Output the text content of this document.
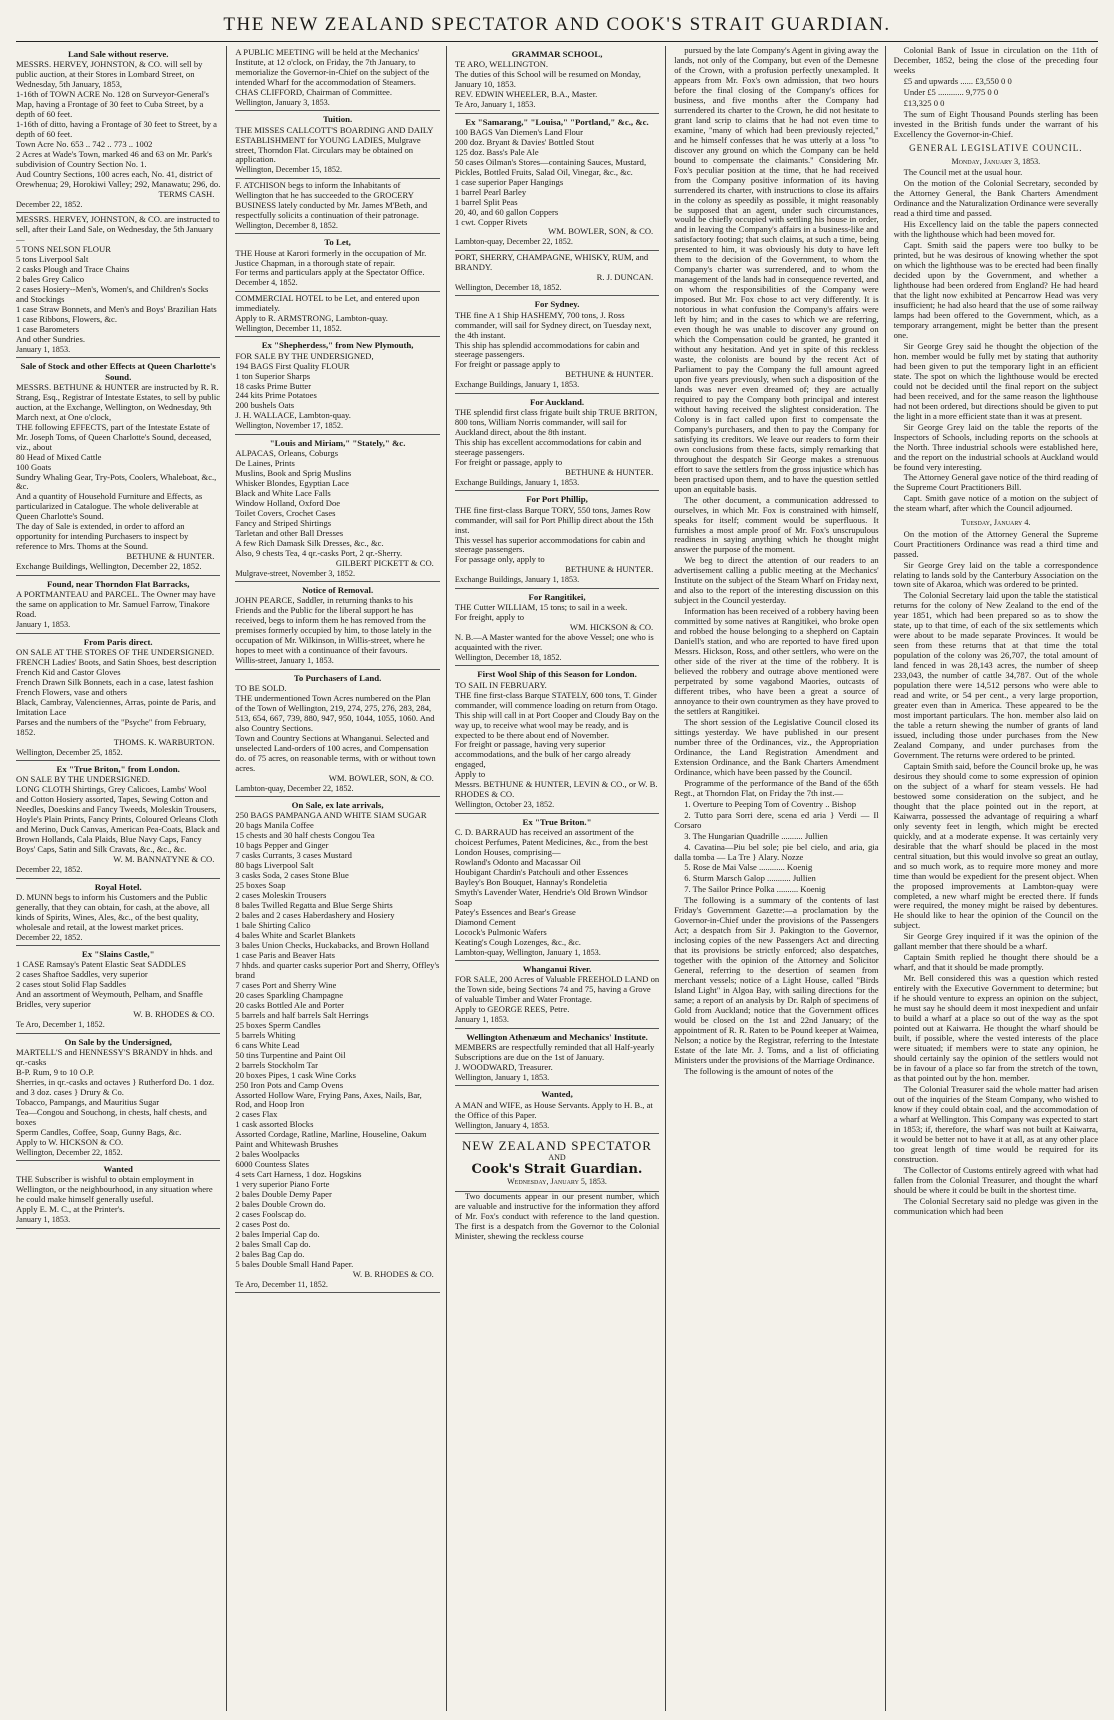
THE NEW ZEALAND SPECTATOR AND COOK'S STRAIT GUARDIAN.
Land Sale without reserve.

MESSRS. HERVEY, JOHNSTON, & CO. will sell by public auction, at their Stores in Lombard Street, on Wednesday, 5th January, 1853,

1-16th of TOWN ACRE No. 128 on Surveyor-General's Map, having a Frontage of 30 feet to Cuba Street, by a depth of 60 feet.

1-16th of ditto, having a Frontage of 30 feet to Street, by a depth of 60 feet.

Town Acre No. 653 .. 742 .. 773 .. 1002

2 Acres at Wade's Town, marked 46 and 63 on Mr. Park's subdivision of Country Section No. 1.

Aud Country Sections, 100 acres each, No. 41, district of Orewhenua; 29, Horokiwi Valley; 292, Manawatu; 296, do.

TERMS CASH.

December 22, 1852.

MESSRS. HERVEY, JOHNSTON, & CO. are instructed to sell, after their Land Sale, on Wednesday, the 5th January—

5 TONS NELSON FLOUR

5 tons Liverpool Salt

2 casks Plough and Trace Chains

2 bales Grey Calico

2 cases Hosiery--Men's, Women's, and Children's Socks and Stockings

1 case Straw Bonnets, and Men's and Boys' Brazilian Hats

1 case Ribbons, Flowers, &c.

1 case Barometers

And other Sundries.

January 1, 1853.

Sale of Stock and other Effects at Queen Charlotte's Sound.

MESSRS. BETHUNE & HUNTER are instructed by R. R. Strang, Esq., Registrar of Intestate Estates, to sell by public auction, at the Exchange, Wellington, on Wednesday, 9th March next, at One o'clock,

THE following EFFECTS, part of the Intestate Estate of Mr. Joseph Toms, of Queen Charlotte's Sound, deceased, viz., about

80 Head of Mixed Cattle

100 Goats

Sundry Whaling Gear, Try-Pots, Coolers, Whaleboat, &c., &c.

And a quantity of Household Furniture and Effects, as particularized in Catalogue. The whole deliverable at Queen Charlotte's Sound.

The day of Sale is extended, in order to afford an opportunity for intending Purchasers to inspect by reference to Mrs. Thoms at the Sound.

BETHUNE & HUNTER.

Exchange Buildings, Wellington, December 22, 1852.

Found, near Thorndon Flat Barracks,

A PORTMANTEAU and PARCEL. The Owner may have the same on application to Mr. Samuel Farrow, Tinakore Road.

January 1, 1853.

From Paris direct.

ON SALE AT THE STORES OF THE UNDERSIGNED.

FRENCH Ladies' Boots, and Satin Shoes, best description

French Kid and Castor Gloves

French Drawn Silk Bonnets, each in a case, latest fashion

French Flowers, vase and others

Black, Cambray, Valenciennes, Arras, pointe de Paris, and Imitation Lace

Parses and the numbers of the "Psyche" from February, 1852.

THOMS. K. WARBURTON.

Wellington, December 25, 1852.

Ex "True Briton," from London.

ON SALE BY THE UNDERSIGNED.

LONG CLOTH Shirtings, Grey Calicoes, Lambs' Wool and Cotton Hosiery assorted, Tapes, Sewing Cotton and Needles, Doeskins and Fancy Tweeds, Moleskin Trousers, Hoyle's Plain Prints, Fancy Prints, Coloured Orleans Cloth and Merino, Duck Canvas, American Pea-Coats, Black and Brown Hollands, Cala Plaids, Blue Navy Caps, Fancy Boys' Caps, Satin and Silk Cravats, &c., &c., &c.

W. M. BANNATYNE & CO.

December 22, 1852.

Royal Hotel.

D. MUNN begs to inform his Customers and the Public generally, that they can obtain, for cash, at the above, all kinds of Spirits, Wines, Ales, &c., of the best quality, wholesale and retail, at the lowest market prices.

December 22, 1852.

Ex "Slains Castle,"

1 CASE Ramsay's Patent Elastic Seat SADDLES

2 cases Shaftoe Saddles, very superior

2 cases stout Solid Flap Saddles

And an assortment of Weymouth, Pelham, and Snaffle Bridles, very superior

W. B. RHODES & CO.

Te Aro, December 1, 1852.

On Sale by the Undersigned,

MARTELL'S and HENNESSY'S BRANDY in hhds. and qr.-casks

B-P. Rum, 9 to 10 O.P.

Sherries, in qr.-casks and octaves } Rutherford Do. 1 doz. and 3 doz. cases } Drury & Co.

Tobacco, Pampangs, and Mauritius Sugar

Tea—Congou and Souchong, in chests, half chests, and boxes

Sperm Candles, Coffee, Soap, Gunny Bags, &c.

Apply to W. HICKSON & CO.

Wellington, December 22, 1852.

Wanted

THE Subscriber is wishful to obtain employment in Wellington, or the neighbourhood, in any situation where he could make himself generally useful.

Apply E. M. C., at the Printer's.

January 1, 1853.

A PUBLIC MEETING will be held at the Mechanics' Institute, at 12 o'clock, on Friday, the 7th January, to memorialize the Governor-in-Chief on the subject of the intended Wharf for the accommodation of Steamers.

CHAS CLIFFORD, Chairman of Committee.

Wellington, January 3, 1853.

Tuition.

THE MISSES CALLCOTT'S BOARDING AND DAILY ESTABLISHMENT for YOUNG LADIES, Mulgrave street, Thorndon Flat. Circulars may be obtained on application.

Wellington, December 15, 1852.

F. ATCHISON begs to inform the Inhabitants of Wellington that he has succeeded to the GROCERY BUSINESS lately conducted by Mr. James M'Beth, and respectfully solicits a continuation of their patronage.

Wellington, December 8, 1852.

To Let,

THE House at Karori formerly in the occupation of Mr. Justice Chapman, in a thorough state of repair.

For terms and particulars apply at the Spectator Office.

December 4, 1852.

COMMERCIAL HOTEL to be Let, and entered upon immediately.

Apply to R. ARMSTRONG, Lambton-quay.

Wellington, December 11, 1852.

Ex "Shepherdess," from New Plymouth,

FOR SALE BY THE UNDERSIGNED,

194 BAGS First Quality FLOUR

1 ton Superior Sharps

18 casks Prime Butter

244 kits Prime Potatoes

200 bushels Oats

J. H. WALLACE, Lambton-quay.

Wellington, November 17, 1852.

"Louis and Miriam," "Stately," &c.

ALPACAS, Orleans, Coburgs

De Laines, Prints

Muslins, Book and Sprig Muslins

Whisker Blondes, Egyptian Lace

Black and White Lace Falls

Window Holland, Oxford Doe

Toilet Covers, Crochet Cases

Fancy and Striped Shirtings

Tarletan and other Ball Dresses

A few Rich Damask Silk Dresses, &c., &c.

Also, 9 chests Tea, 4 qr.-casks Port, 2 qr.-Sherry.

GILBERT PICKETT & CO.

Mulgrave-street, November 3, 1852.

Notice of Removal.

JOHN PEARCE, Saddler, in returning thanks to his Friends and the Public for the liberal support he has received, begs to inform them he has removed from the premises formerly occupied by him, to those lately in the occupation of Mr. Wilkinson, in Willis-street, where he hopes to meet with a continuance of their favours.

Willis-street, January 1, 1853.

To Purchasers of Land.

TO BE SOLD.

THE undermentioned Town Acres numbered on the Plan of the Town of Wellington, 219, 274, 275, 276, 283, 284, 513, 654, 667, 739, 880, 947, 950, 1044, 1055, 1060. And also Country Sections.

Town and Country Sections at Whanganui. Selected and unselected Land-orders of 100 acres, and Compensation do. of 75 acres, on reasonable terms, with or without town acres.

WM. BOWLER, SON, & CO.

Lambton-quay, December 22, 1852.

On Sale, ex late arrivals,

250 BAGS PAMPANGA AND WHITE SIAM SUGAR

20 bags Manila Coffee

15 chests and 30 half chests Congou Tea

10 bags Pepper and Ginger

7 casks Currants, 3 cases Mustard

80 bags Liverpool Salt

3 casks Soda, 2 cases Stone Blue

25 boxes Soap

2 cases Moleskin Trousers

8 bales Twilled Regatta and Blue Serge Shirts

2 bales and 2 cases Haberdashery and Hosiery

1 bale Shirting Calico

4 bales White and Scarlet Blankets

3 bales Union Checks, Huckabacks, and Brown Holland

1 case Paris and Beaver Hats

7 hhds. and quarter casks superior Port and Sherry, Offley's brand

7 cases Port and Sherry Wine

20 cases Sparkling Champagne

20 casks Bottled Ale and Porter

5 barrels and half barrels Salt Herrings

25 boxes Sperm Candles

5 barrels Whiting

6 cans White Lead

50 tins Turpentine and Paint Oil

2 barrels Stockholm Tar

20 boxes Pipes, 1 cask Wine Corks

250 Iron Pots and Camp Ovens

Assorted Hollow Ware, Frying Pans, Axes, Nails, Bar, Rod, and Hoop Iron

2 cases Flax

1 cask assorted Blocks

Assorted Cordage, Ratline, Marline, Houseline, Oakum

Paint and Whitewash Brushes

2 bales Woolpacks

6000 Countess Slates

4 sets Cart Harness, 1 doz. Hogskins

1 very superior Piano Forte

2 bales Double Demy Paper

2 bales Double Crown do.

2 cases Foolscap do.

2 cases Post do.

2 bales Imperial Cap do.

2 bales Small Cap do.

2 bales Bag Cap do.

5 bales Double Small Hand Paper.

W. B. RHODES & CO.

Te Aro, December 11, 1852.

GRAMMAR SCHOOL,

TE ARO, WELLINGTON.

The duties of this School will be resumed on Monday, January 10, 1853.

REV. EDWIN WHEELER, B.A., Master.

Te Aro, January 1, 1853.

Ex "Samarang," "Louisa," "Portland," &c., &c.

100 BAGS Van Diemen's Land Flour

200 doz. Bryant & Davies' Bottled Stout

125 doz. Bass's Pale Ale

50 cases Oilman's Stores—containing Sauces, Mustard, Pickles, Bottled Fruits, Salad Oil, Vinegar, &c., &c.

1 case superior Paper Hangings

1 barrel Pearl Barley

1 barrel Split Peas

20, 40, and 60 gallon Coppers

1 cwt. Copper Rivets

WM. BOWLER, SON, & CO.

Lambton-quay, December 22, 1852.

PORT, SHERRY, CHAMPAGNE, WHISKY, RUM, and BRANDY.

R. J. DUNCAN.

Wellington, December 18, 1852.

For Sydney.

THE fine A 1 Ship HASHEMY, 700 tons, J. Ross commander, will sail for Sydney direct, on Tuesday next, the 4th instant.

This ship has splendid accommodations for cabin and steerage passengers.

For freight or passage apply to

BETHUNE & HUNTER.

Exchange Buildings, January 1, 1853.

For Auckland.

THE splendid first class frigate built ship TRUE BRITON, 800 tons, William Norris commander, will sail for Auckland direct, about the 8th instant.

This ship has excellent accommodations for cabin and steerage passengers.

For freight or passage, apply to

BETHUNE & HUNTER.

Exchange Buildings, January 1, 1853.

For Port Phillip,

THE fine first-class Barque TORY, 550 tons, James Row commander, will sail for Port Phillip direct about the 15th inst.

This vessel has superior accommodations for cabin and steerage passengers.

For passage only, apply to

BETHUNE & HUNTER.

Exchange Buildings, January 1, 1853.

For Rangitikei,

THE Cutter WILLIAM, 15 tons; to sail in a week.

For freight, apply to

WM. HICKSON & CO.

N. B.—A Master wanted for the above Vessel; one who is acquainted with the river.

Wellington, December 18, 1852.

First Wool Ship of this Season for London.

TO SAIL IN FEBRUARY.

THE fine first-class Barque STATELY, 600 tons, T. Ginder commander, will commence loading on return from Otago.

This ship will call in at Port Cooper and Cloudy Bay on the way up, to receive what wool may be ready, and is expected to be there about end of November.

For freight or passage, having very superior accommodations, and the bulk of her cargo already engaged,

Apply to

Messrs. BETHUNE & HUNTER, LEVIN & CO., or W. B. RHODES & CO.

Wellington, October 23, 1852.

Ex "True Briton."

C. D. BARRAUD has received an assortment of the choicest Perfumes, Patent Medicines, &c., from the best London Houses, comprising—

Rowland's Odonto and Macassar Oil

Houbigant Chardin's Patchouli and other Essences

Bayley's Bon Bouquet, Hannay's Rondeletia

Smyth's Lavender Water, Hendrie's Old Brown Windsor Soap

Patey's Essences and Bear's Grease

Diamond Cement

Locock's Pulmonic Wafers

Keating's Cough Lozenges, &c., &c.

Lambton-quay, Wellington, January 1, 1853.

Whanganui River.

FOR SALE, 200 Acres of Valuable FREEHOLD LAND on the Town side, being Sections 74 and 75, having a Grove of valuable Timber and Water Frontage.

Apply to GEORGE REES, Petre.

January 1, 1853.

Wellington Athenæum and Mechanics' Institute.

MEMBERS are respectfully reminded that all Half-yearly Subscriptions are due on the 1st of January.

J. WOODWARD, Treasurer.

Wellington, January 1, 1853.

Wanted,

A MAN and WIFE, as House Servants. Apply to H. B., at the Office of this Paper.

Wellington, January 4, 1853.

NEW ZEALAND SPECTATOR
AND
Cook's Strait Guardian.
Wednesday, January 5, 1853.

Two documents appear in our present number, which are valuable and instructive for the information they afford of Mr. Fox's conduct with reference to the land question. The first is a despatch from the Governor to the Colonial Minister, shewing the reckless course

pursued by the late Company's Agent in giving away the lands, not only of the Company, but even of the Demesne of the Crown, with a profusion perfectly unexampled. It appears from Mr. Fox's own admission, that two hours before the final closing of the Company's offices for business, and five months after the Company had surrendered its charter to the Crown, he did not hesitate to grant land scrip to claims that he had not even time to examine, "many of which had been previously rejected," and he himself confesses that he was utterly at a loss "to discover any ground on which the Company can be held bound to compensate the claimants." Considering Mr. Fox's peculiar position at the time, that he had received from the Company positive information of its having surrendered its charter, with instructions to close its affairs in the colony as speedily as possible, it might reasonably be supposed that an agent, under such circumstances, would be chiefly occupied with settling his house in order, and in leaving the Company's affairs in a business-like and satisfactory footing; that such claims, at such a time, being presented to him, it was obviously his duty to have left them to the decision of the Government, to whom the Company's charter was surrendered, and to whom the management of the lands had in consequence reverted, and on whom the responsibilities of the Company were imposed. But Mr. Fox chose to act very differently. It is notorious in what confusion the Company's affairs were left by him; and in the cases to which we are referring, even though he was unable to discover any ground on which the Compensation could be granted, he granted it without any hesitation. And yet in spite of this reckless waste, the colonists are bound by the recent Act of Parliament to pay the Company the full amount agreed upon five years previously, when such a disposition of the lands was never even dreamed of; they are actually required to pay the Company both principal and interest without having received the slightest consideration. The Colony is in fact called upon first to compensate the Company's purchasers, and then to pay the Company for satisfying its creditors. We leave our readers to form their own conclusions from these facts, simply remarking that throughout the despatch Sir George makes a strenuous effort to save the settlers from the gross injustice which has been practised upon them, and to have the question settled upon an equitable basis.

The other document, a communication addressed to ourselves, in which Mr. Fox is constrained with himself, speaks for itself; comment would be superfluous. It furnishes a most ample proof of Mr. Fox's unscrupulous readiness in saying anything which he thought might answer the purpose of the moment.

We beg to direct the attention of our readers to an advertisement calling a public meeting at the Mechanics' Institute on the subject of the Steam Wharf on Friday next, and also to the report of the interesting discussion on this subject in the Council yesterday.

Information has been received of a robbery having been committed by some natives at Rangitikei, who broke open and robbed the house belonging to a shepherd on Captain Daniell's station, and who are reported to have fired upon Messrs. Hickson, Ross, and other settlers, who were on the other side of the river at the time of the robbery. It is believed the robbery and outrage above mentioned were perpetrated by some vagabond Maories, outcasts of different tribes, who have been a great a source of annoyance to their own countrymen as they have proved to the settlers at Rangitikei.

The short session of the Legislative Council closed its sittings yesterday. We have published in our present number three of the Ordinances, viz., the Appropriation Ordinance, the Land Registration Amendment and Extension Ordinance, and the Bank Charters Amendment Ordinance, which have been passed by the Council.

Programme of the performance of the Band of the 65th Regt., at Thorndon Flat, on Friday the 7th inst.—

1. Overture to Peeping Tom of Coventry .. Bishop

2. Tutto para Sorri dere, scena ed aria } Verdi — Il Corsaro

3. The Hungarian Quadrille .......... Jullien

4. Cavatina—Piu bel sole; pie bel cielo, and aria, gia dalla tomba — La Tre } Alary. Nozze

5. Rose de Mai Valse ............ Koenig

6. Sturm Marsch Galop ........... Jullien

7. The Sailor Prince Polka .......... Koenig

The following is a summary of the contents of last Friday's Government Gazette:—a proclamation by the Governor-in-Chief under the provisions of the Passengers Act; a despatch from Sir J. Pakington to the Governor, inclosing copies of the new Passengers Act and directing that its provisions be strictly enforced; also despatches, together with the opinion of the Attorney and Solicitor General, referring to the desertion of seamen from merchant vessels; notice of a Light House, called "Birds Island Light" in Algoa Bay, with sailing directions for the same; a report of an analysis by Dr. Ralph of specimens of Gold from Auckland; notice that the Government offices would be closed on the 1st and 22nd January; of the appointment of R. R. Raten to be Pound keeper at Waimea, Nelson; a notice by the Registrar, referring to the Intestate Estate of the late Mr. J. Toms, and a list of officiating Ministers under the provisions of the Marriage Ordinance.

The following is the amount of notes of the

Colonial Bank of Issue in circulation on the 11th of December, 1852, being the close of the preceding four weeks

£5 and upwards ...... £3,550 0 0

Under £5 ............ 9,775 0 0

£13,325 0 0

The sum of Eight Thousand Pounds sterling has been invested in the British funds under the warrant of his Excellency the Governor-in-Chief.

GENERAL LEGISLATIVE COUNCIL.
Monday, January 3, 1853.

The Council met at the usual hour.

On the motion of the Colonial Secretary, seconded by the Attorney General, the Bank Charters Amendment Ordinance and the Naturalization Ordinance were severally read a third time and passed.

His Excellency laid on the table the papers connected with the lighthouse which had been moved for.

Capt. Smith said the papers were too bulky to be printed, but he was desirous of knowing whether the spot on which the lighthouse was to be erected had been finally decided upon by the Government, and whether a lighthouse had been ordered from England? He had heard that the light now exhibited at Pencarrow Head was very insufficient; he had also heard that the use of some railway lamps had been offered to the Government, which, as a temporary arrangement, might be better than the present one.

Sir George Grey said he thought the objection of the hon. member would be fully met by stating that authority had been given to put the temporary light in an efficient state. The spot on which the lighthouse would be erected could not be decided until the final report on the subject had been received, and for the same reason the lighthouse had not been ordered, but directions should be given to put the light in a more efficient state than it was at present.

Sir George Grey laid on the table the reports of the Inspectors of Schools, including reports on the schools at the North. Three industrial schools were established here, and the report on the industrial schools at Auckland would be found very interesting.

The Attorney General gave notice of the third reading of the Supreme Court Practitioners Bill.

Capt. Smith gave notice of a motion on the subject of the steam wharf, after which the Council adjourned.

Tuesday, January 4.

On the motion of the Attorney General the Supreme Court Practitioners Ordinance was read a third time and passed.

Sir George Grey laid on the table a correspondence relating to lands sold by the Canterbury Association on the town site of Akaroa, which was ordered to be printed.

The Colonial Secretary laid upon the table the statistical returns for the colony of New Zealand to the end of the year 1851, which had been prepared so as to show the state, up to that time, of each of the six settlements which were about to be made separate Provinces. It would be seen from these returns that at that time the total population of the colony was 26,707, the total amount of land fenced in was 28,143 acres, the number of sheep 233,043, the number of cattle 34,787. Out of the whole population there were 14,512 persons who were able to read and write, or 54 per cent., a very large proportion, greater even than in America. These appeared to be the most important particulars. The hon. member also laid on the table a return shewing the number of grants of land issued, including those under purchases from the New Zealand Company, and under purchases from the Government. The returns were ordered to be printed.

Captain Smith said, before the Council broke up, he was desirous they should come to some expression of opinion on the subject of a wharf for steam vessels. He had bestowed some consideration on the subject, and he thought that the place pointed out in the report, at Kaiwarra, possessed the advantage of requiring a wharf only seventy feet in length, which might be erected quickly, and at a moderate expense. It was certainly very desirable that the wharf should be placed in the most central situation, but this would involve so great an outlay, and so much work, as to require more money and more time than would be expedient for the present object. When the proposed improvements at Lambton-quay were completed, a new wharf might be erected there. If funds were required, the money might be raised by debentures. He should like to hear the opinion of the Council on the subject.

Sir George Grey inquired if it was the opinion of the gallant member that there should be a wharf.

Captain Smith replied he thought there should be a wharf, and that it should be made promptly.

Mr. Bell considered this was a question which rested entirely with the Executive Government to determine; but if he should venture to express an opinion on the subject, he must say he should deem it most inexpedient and unfair to build a wharf at a place so out of the way as the spot pointed out at Kaiwarra. He thought the wharf should be built, if possible, where the vested interests of the place were situated; if members were to state any opinion, he should certainly say the opinion of the settlers would not be in favour of a place so far from the stretch of the town, as that pointed out by the hon. member.

The Colonial Treasurer said the whole matter had arisen out of the inquiries of the Steam Company, who wished to know if they could obtain coal, and the accommodation of a wharf at Wellington. This Company was expected to start in 1853; if, therefore, the wharf was not built at Kaiwarra, it would be better not to have it at all, as at any other place too great length of time would be required for its construction.

The Collector of Customs entirely agreed with what had fallen from the Colonial Treasurer, and thought the wharf should be where it could be built in the shortest time.

The Colonial Secretary said no pledge was given in the communication which had been
